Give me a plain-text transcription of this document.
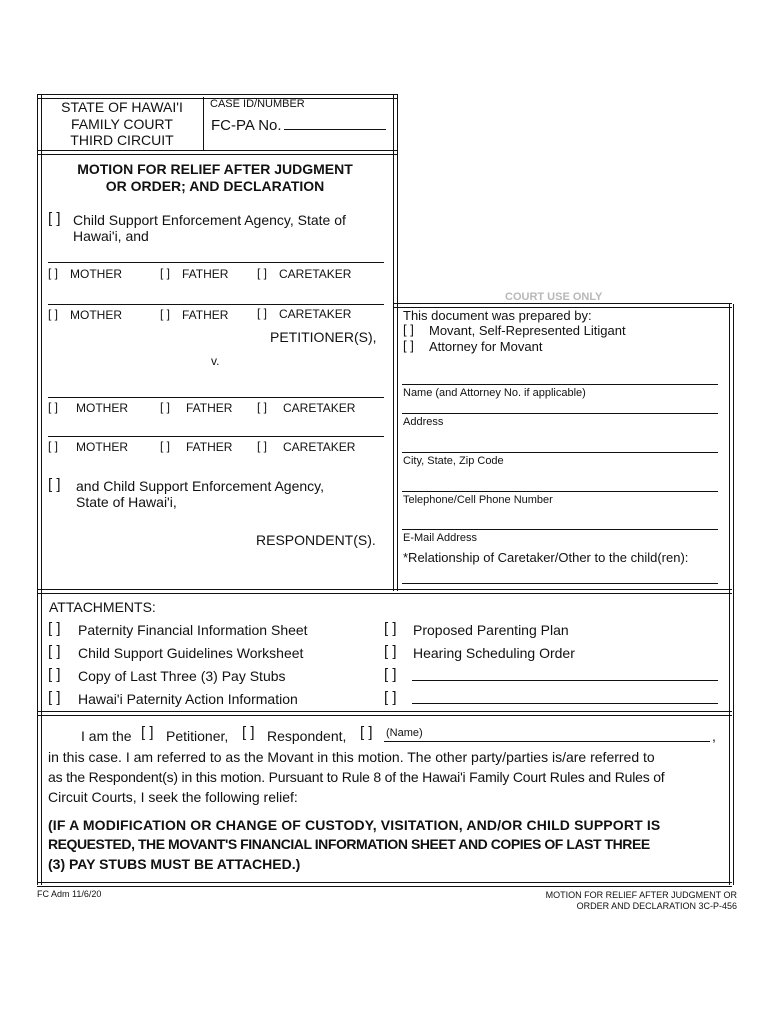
STATE OF HAWAI'I
FAMILY COURT
THIRD CIRCUIT
CASE ID/NUMBER
FC-PA No.
MOTION FOR RELIEF AFTER JUDGMENT
OR ORDER; AND DECLARATION
[ ] Child Support Enforcement Agency, State of
Hawai'i, and
[ ] MOTHER	[ ] FATHER [ ] CARETAKER
[ ] MOTHER	[ ] FATHER [ ] CARETAKER
PETITIONER(S),
v.
[ ] MOTHER	[ ] FATHER [ ] CARETAKER
[ ] MOTHER	[ ] FATHER [ ] CARETAKER
[ ] and Child Support Enforcement Agency,
State of Hawai'i,
RESPONDENT(S).
COURT USE ONLY
This document was prepared by:
[ ] Movant, Self-Represented Litigant
[ ] Attorney for Movant
Name (and Attorney No. if applicable)
Address
City, State, Zip Code
Telephone/Cell Phone Number
E-Mail Address
*Relationship of Caretaker/Other to the child(ren):
ATTACHMENTS:
[ ] Paternity Financial Information Sheet
[ ] Child Support Guidelines Worksheet
[ ] Copy of Last Three (3) Pay Stubs
[ ] Hawai'i Paternity Action Information
[ ] Proposed Parenting Plan
[ ] Hearing Scheduling Order
[ ]
[ ]
I am the [ ] Petitioner, [ ] Respondent, [ ] (Name)	,
in this case. I am referred to as the Movant in this motion. The other party/parties is/are referred to
as the Respondent(s) in this motion. Pursuant to Rule 8 of the Hawai'i Family Court Rules and Rules of
Circuit Courts, I seek the following relief:
(IF A MODIFICATION OR CHANGE OF CUSTODY, VISITATION, AND/OR CHILD SUPPORT IS
REQUESTED, THE MOVANT'S FINANCIAL INFORMATION SHEET AND COPIES OF LAST THREE
(3) PAY STUBS MUST BE ATTACHED.)
FC Adm 11/6/20	MOTION FOR RELIEF AFTER JUDGMENT OR
ORDER AND DECLARATION 3C-P-456
